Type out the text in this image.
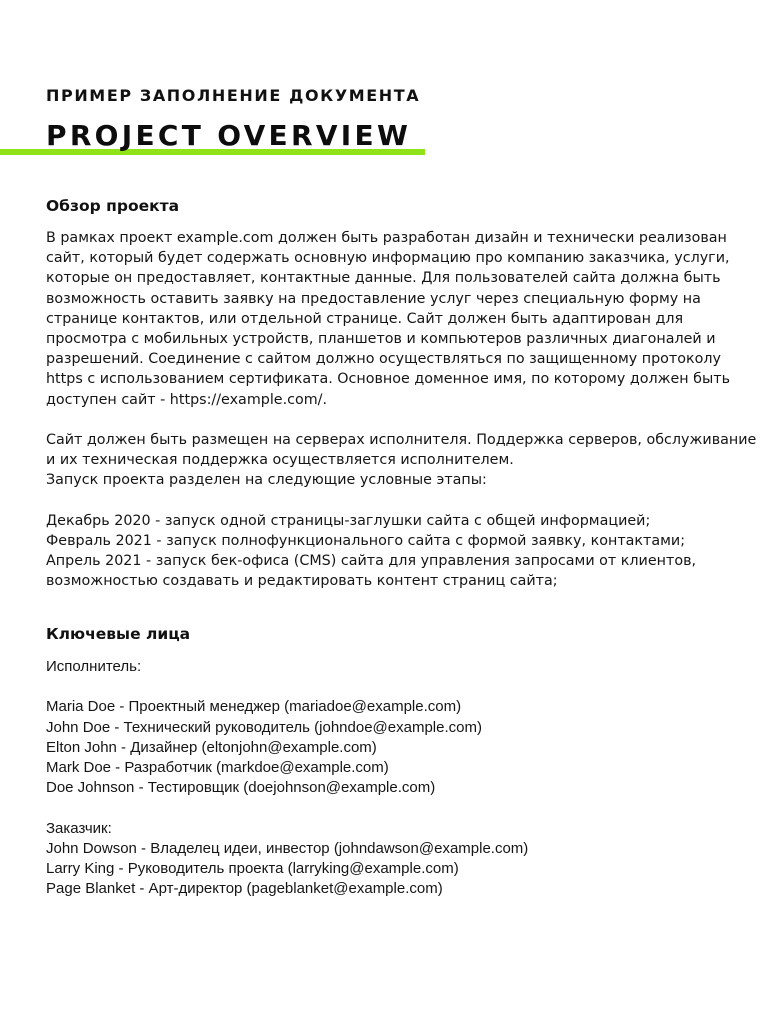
ПРИМЕР ЗАПОЛНЕНИЕ ДОКУМЕНТА

PROJECT OVERVIEW
Обзор проекта

В рамках проект example.com должен быть разработан дизайн и технически реализован

сайт, который будет содержать основную информацию про компанию заказчика, услуги,

которые он предоставляет, контактные данные. Для пользователей сайта должна быть

возможность оставить заявку на предоставление услуг через специальную форму на

странице контактов, или отдельной странице. Сайт должен быть адаптирован для

просмотра с мобильных устройств, планшетов и компьютеров различных диагоналей и

разрешений. Соединение с сайтом должно осуществляться по защищенному протоколу

https с использованием сертификата. Основное доменное имя, по которому должен быть

доступен сайт - https://example.com/.

Сайт должен быть размещен на серверах исполнителя. Поддержка серверов, обслуживание

и их техническая поддержка осуществляется исполнителем.

Запуск проекта разделен на следующие условные этапы:

Декабрь 2020 - запуск одной страницы-заглушки сайта с общей информацией;

Февраль 2021 - запуск полнофункционального сайта с формой заявку, контактами;

Апрель 2021 - запуск бек-офиса (CMS) сайта для управления запросами от клиентов,

возможностью создавать и редактировать контент страниц сайта;

Ключевые лица

Исполнитель:

Maria Doe - Проектный менеджер (mariadoe@example.com)

John Doe - Технический руководитель (johndoe@example.com)

Elton John - Дизайнер (eltonjohn@example.com)

Mark Doe - Разработчик (markdoe@example.com)

Doe Johnson - Тестировщик (doejohnson@example.com)

Заказчик:

John Dowson - Владелец идеи, инвестор (johndawson@example.com)

Larry King - Руководитель проекта (larryking@example.com)

Page Blanket - Арт-директор (pageblanket@example.com)
